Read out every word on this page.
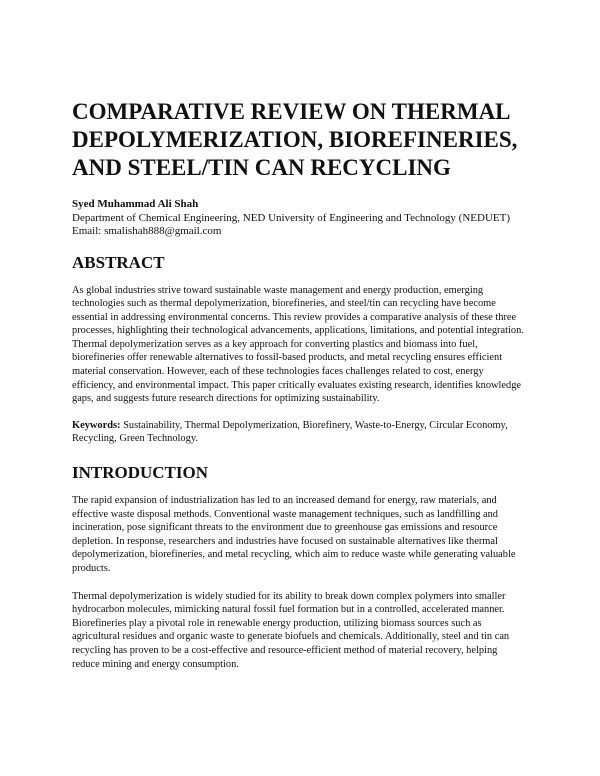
COMPARATIVE REVIEW ON THERMAL DEPOLYMERIZATION, BIOREFINERIES, AND STEEL/TIN CAN RECYCLING
Syed Muhammad Ali Shah
Department of Chemical Engineering, NED University of Engineering and Technology (NEDUET)
Email: smalishah888@gmail.com
ABSTRACT

As global industries strive toward sustainable waste management and energy production, emerging technologies such as thermal depolymerization, biorefineries, and steel/tin can recycling have become essential in addressing environmental concerns. This review provides a comparative analysis of these three processes, highlighting their technological advancements, applications, limitations, and potential integration. Thermal depolymerization serves as a key approach for converting plastics and biomass into fuel, biorefineries offer renewable alternatives to fossil-based products, and metal recycling ensures efficient material conservation. However, each of these technologies faces challenges related to cost, energy efficiency, and environmental impact. This paper critically evaluates existing research, identifies knowledge gaps, and suggests future research directions for optimizing sustainability.

Keywords: Sustainability, Thermal Depolymerization, Biorefinery, Waste-to-Energy, Circular Economy, Recycling, Green Technology.
INTRODUCTION

The rapid expansion of industrialization has led to an increased demand for energy, raw materials, and effective waste disposal methods. Conventional waste management techniques, such as landfilling and incineration, pose significant threats to the environment due to greenhouse gas emissions and resource depletion. In response, researchers and industries have focused on sustainable alternatives like thermal depolymerization, biorefineries, and metal recycling, which aim to reduce waste while generating valuable products.

Thermal depolymerization is widely studied for its ability to break down complex polymers into smaller hydrocarbon molecules, mimicking natural fossil fuel formation but in a controlled, accelerated manner. Biorefineries play a pivotal role in renewable energy production, utilizing biomass sources such as agricultural residues and organic waste to generate biofuels and chemicals. Additionally, steel and tin can recycling has proven to be a cost-effective and resource-efficient method of material recovery, helping reduce mining and energy consumption.
